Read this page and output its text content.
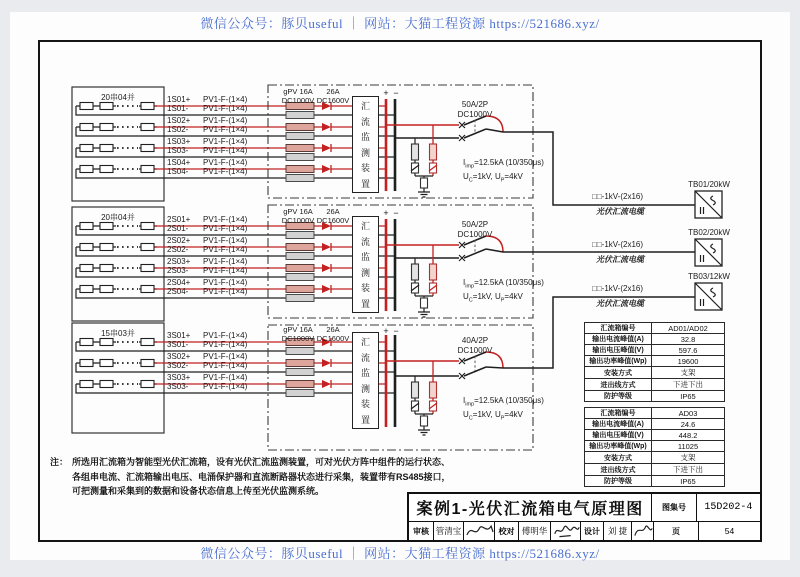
微信公众号：豚贝useful ｜ 网站：大猫工程资源 https://521686.xyz/
汇流监测装置
汇流监测装置
汇流监测装置
20串04并
gPV 16A
DC1000V
26A
DC1600V
+ −
50A/2P
DC1000V
$I_{imp}=12.5kA$ (10/350μs)
$U_C=1kV$, $U_P=4kV$
1S01+ PV1-F-(1×4)
1S01- PV1-F-(1×4)
1S02+ PV1-F-(1×4)
1S02- PV1-F-(1×4)
1S03+ PV1-F-(1×4)
1S03- PV1-F-(1×4)
1S04+ PV1-F-(1×4)
1S04- PV1-F-(1×4)
20串04并
gPV 16A
DC1000V
26A
DC1600V
+ −
50A/2P
DC1000V
$I_{imp}=12.5kA$ (10/350μs)
$U_C=1kV$, $U_P=4kV$
2S01+ PV1-F-(1×4)
2S01- PV1-F-(1×4)
2S02+ PV1-F-(1×4)
2S02- PV1-F-(1×4)
2S03+ PV1-F-(1×4)
2S03- PV1-F-(1×4)
2S04+ PV1-F-(1×4)
2S04- PV1-F-(1×4)
15串03并	gPV 16A
DC1000V
26A
DC1600V
+ −
40A/2P
DC1000V
$I_{imp}=12.5kA$ (10/350μs)
$U_C=1kV$, $U_P=4kV$
3S01+ PV1-F-(1×4)
3S01- PV1-F-(1×4)
3S02+ PV1-F-(1×4)
3S02- PV1-F-(1×4)
3S03+ PV1-F-(1×4)
3S03- PV1-F-(1×4)
□□-1kV-(2x16)
光伏汇流电缆
TB01/20kW
□□-1kV-(2x16)
光伏汇流电缆
TB02/20kW
□□-1kV-(2x16)
光伏汇流电缆
TB03/12kW
汇流箱编号	AD01/AD02
输出电流峰值(A)	32.8
输出电压峰值(V)	597.6
输出功率峰值(Wp)	19600
安装方式	支架
进出线方式	下进下出
防护等级	IP65
汇流箱编号	AD03
输出电流峰值(A)	24.6
输出电压峰值(V)	448.2
输出功率峰值(Wp)	11025
安装方式	支架
进出线方式	下进下出
防护等级	IP65
注： 所选用汇流箱为智能型光伏汇流箱，设有光伏汇流监测装置，可对光伏方阵中组件的运行状态、
各组串电流、汇流箱输出电压、电涌保护器和直流断路器状态进行采集，装置带有RS485接口，
可把测量和采集到的数据和设备状态信息上传至光伏监测系统。
案例1-光伏汇流箱电气原理图	图集号	15D202-4
审核 管清宝	校对 傅明华	设计 刘 捷	页	54
微信公众号：豚贝useful ｜ 网站：大猫工程资源 https://521686.xyz/
